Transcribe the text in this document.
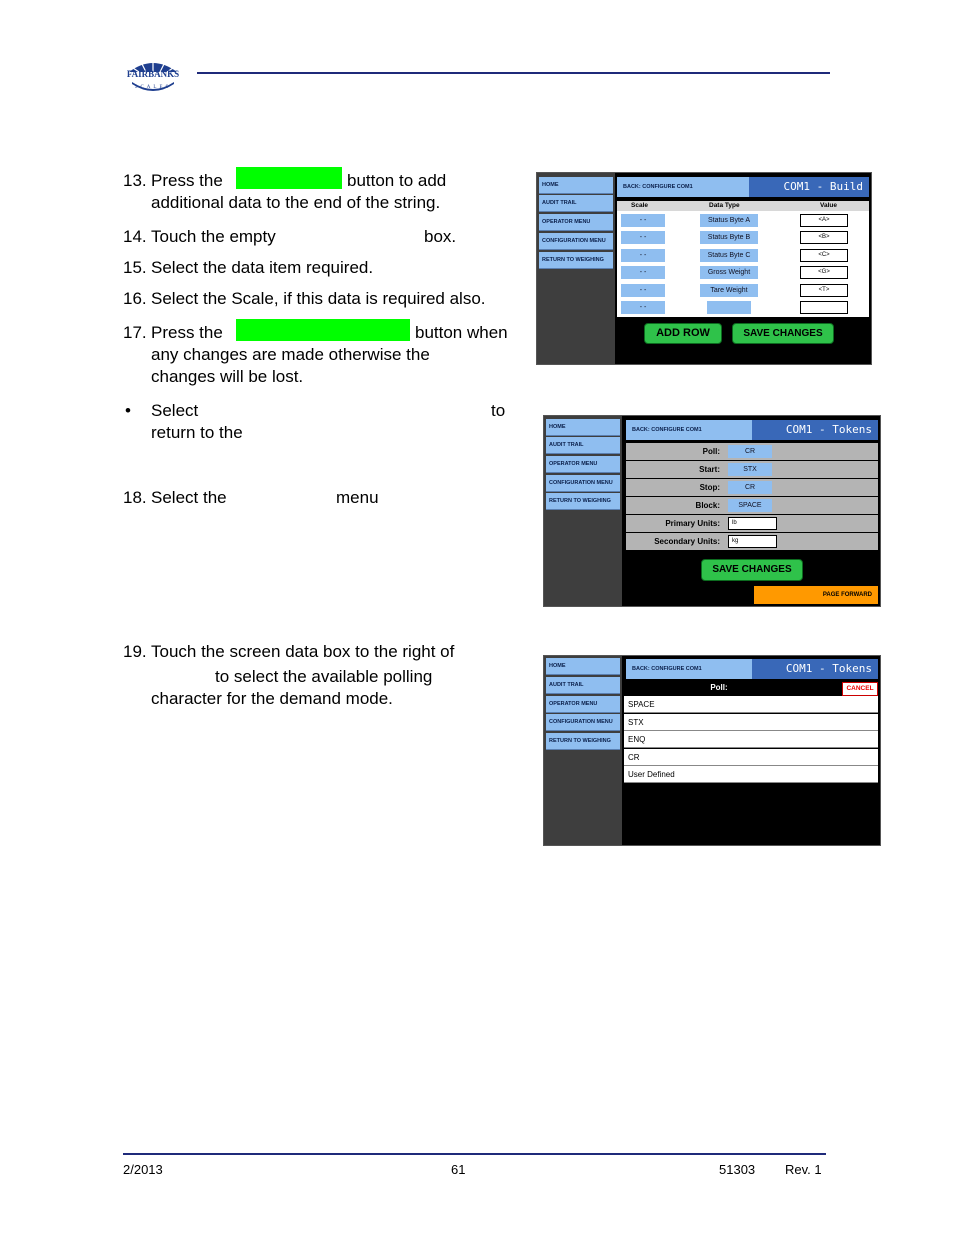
FAIRBANKS
SCALES
13. Press the	button to add
additional data to the end of the string.
14. Touch the empty	box.
15. Select the data item required.
16. Select the Scale, if this data is required also.
17. Press the	button when
any changes are made otherwise the
changes will be lost.
• Select	to
return to the
18. Select the	menu
19. Touch the screen data box to the right of
to select the available polling
character for the demand mode.
HOME
AUDIT TRAIL
OPERATOR MENU
CONFIGURATION MENU
RETURN TO WEIGHING
BACK: CONFIGURE COM1	COM1 - Build
Scale	Data Type	Value
ADD ROW	SAVE CHANGES
- -	Status Byte A	<A>
- -	Status Byte B	<B>
- -	Status Byte C	<C>
- -	Gross Weight	<G>
- -	Tare Weight	<T>
- -
HOME
AUDIT TRAIL
OPERATOR MENU
CONFIGURATION MENU
RETURN TO WEIGHING
BACK: CONFIGURE COM1	COM1 - Tokens
SAVE CHANGES
PAGE FORWARD
Poll:	CR
Start:	STX
Stop:	CR
Block:	SPACE
Primary Units:	lb
Secondary Units:	kg
HOME
AUDIT TRAIL
OPERATOR MENU
CONFIGURATION MENU
RETURN TO WEIGHING
BACK: CONFIGURE COM1	COM1 - Tokens
Poll:	CANCEL
SPACE
STX
ENQ
CR
User Defined
2/2013	61	51303 Rev. 1
